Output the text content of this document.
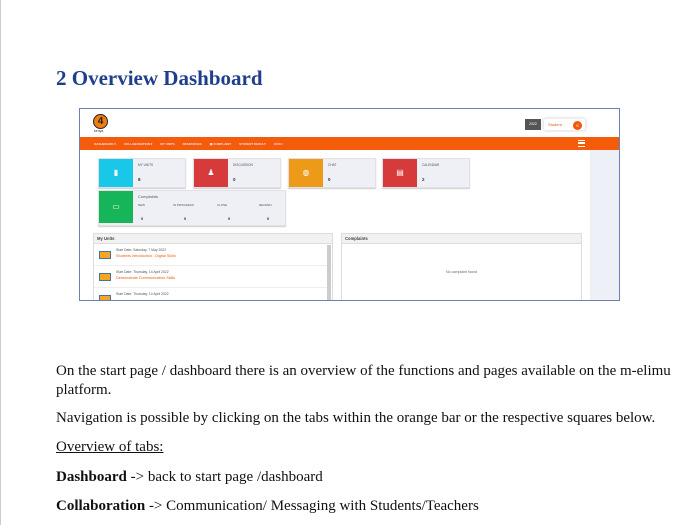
2 Overview Dashboard
4
kenya
2022	Student	S
DASHBOARD ▾	COLLABORATION ▾	MY UNITS	RESOURCES	▣ COMPLAINT	STUDENT RESULT	KUKU
▮
MY UNITS
8
♟
DISCUSSION
0
◍
CHAT
0
▤
CALENDAR
2
▭
Complaints
NEW	IN PROGRESS	CLOSE	REOPEN
0	0	0	0
My Units
Start Date: Saturday, 7 May 2022
Students Introduction - Digital Skills
Start Date: Thursday, 14 April 2022
Demonstrate Communication Skills
Start Date: Thursday, 14 April 2022
Complaints
No complaint found

On the start page / dashboard there is an overview of the functions and pages available on the m-elimu platform.

Navigation is possible by clicking on the tabs within the orange bar or the respective squares below.

Overview of tabs:

Dashboard -> back to start page /dashboard

Collaboration -> Communication/ Messaging with Students/Teachers
